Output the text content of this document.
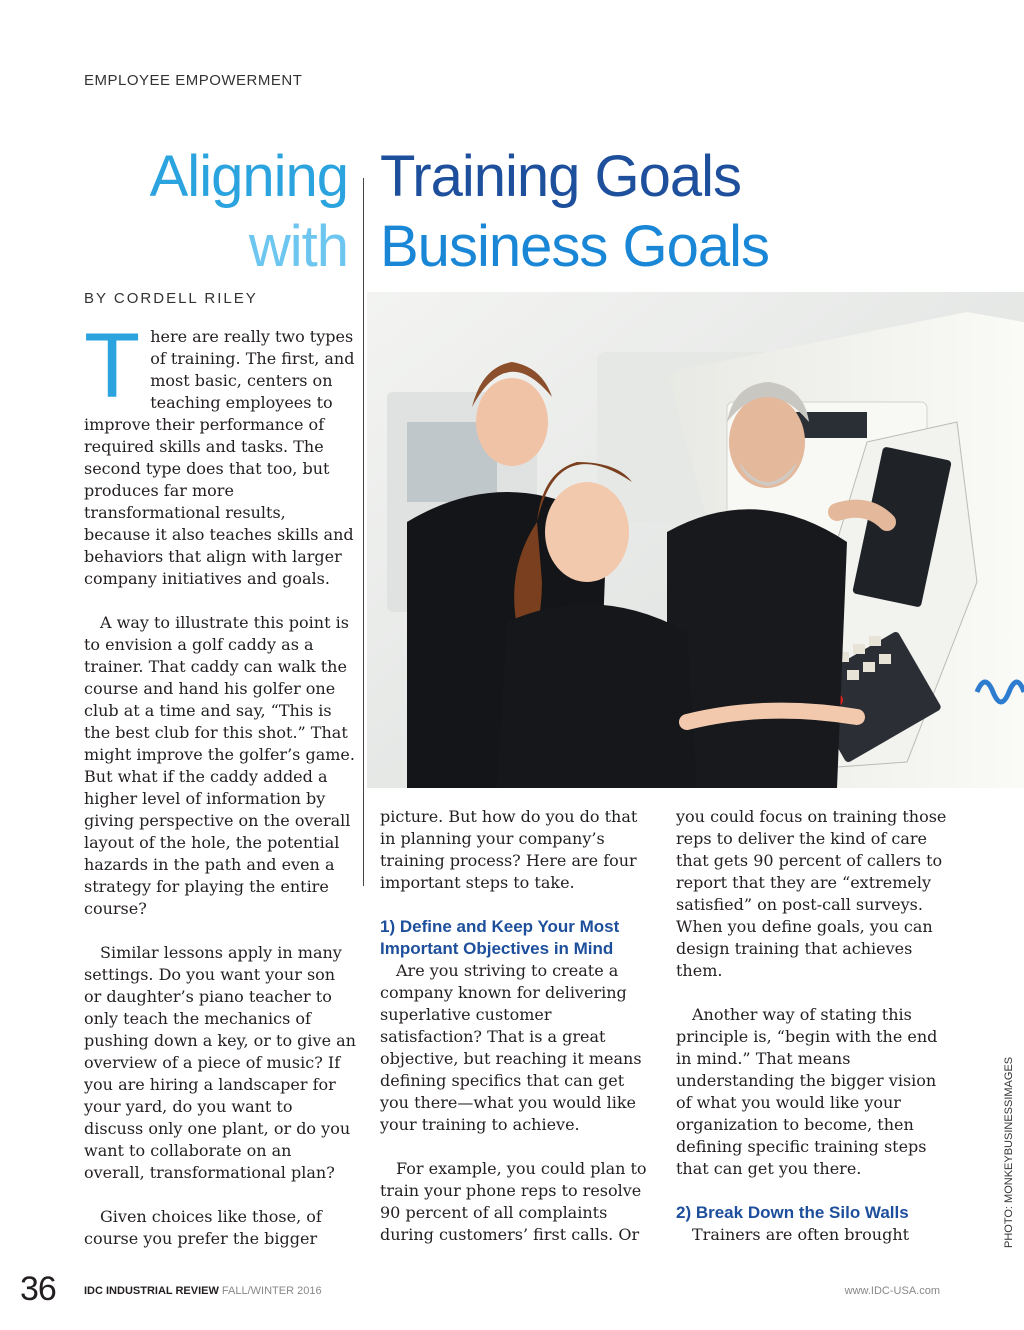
EMPLOYEE EMPOWERMENT
Aligning
with
Training Goals
Business Goals
BY CORDELL RILEY

There are really two types of training. The first, and most basic, centers on teaching employees to improve their performance of required skills and tasks. The second type does that too, but produces far more transformational results, because it also teaches skills and behaviors that align with larger company initiatives and goals.

A way to illustrate this point is to envision a golf caddy as a trainer. That caddy can walk the course and hand his golfer one club at a time and say, “This is the best club for this shot.” That might improve the golfer’s game. But what if the caddy added a higher level of information by giving perspective on the overall layout of the hole, the potential hazards in the path and even a strategy for playing the entire course?

Similar lessons apply in many settings. Do you want your son or daughter’s piano teacher to only teach the mechanics of pushing down a key, or to give an overview of a piece of music? If you are hiring a landscaper for your yard, do you want to discuss only one plant, or do you want to collaborate on an overall, transformational plan?

Given choices like those, of course you prefer the bigger	PHOTO: MONKEYBUSINESSIMAGES

picture. But how do you do that in planning your company’s training process? Here are four important steps to take.

1) Define and Keep Your Most Important Objectives in Mind

Are you striving to create a company known for delivering superlative customer satisfaction? That is a great objective, but reaching it means defining specifics that can get you there—what you would like your training to achieve.

For example, you could plan to train your phone reps to resolve 90 percent of all complaints during customers’ first calls. Or

you could focus on training those reps to deliver the kind of care that gets 90 percent of callers to report that they are “extremely satisfied” on post-call surveys. When you define goals, you can design training that achieves them.

Another way of stating this principle is, “begin with the end in mind.” That means understanding the bigger vision of what you would like your organization to become, then defining specific training steps that can get you there.

2) Break Down the Silo Walls

Trainers are often brought

36	IDC INDUSTRIAL REVIEW FALL/WINTER 2016	www.IDC-USA.com
